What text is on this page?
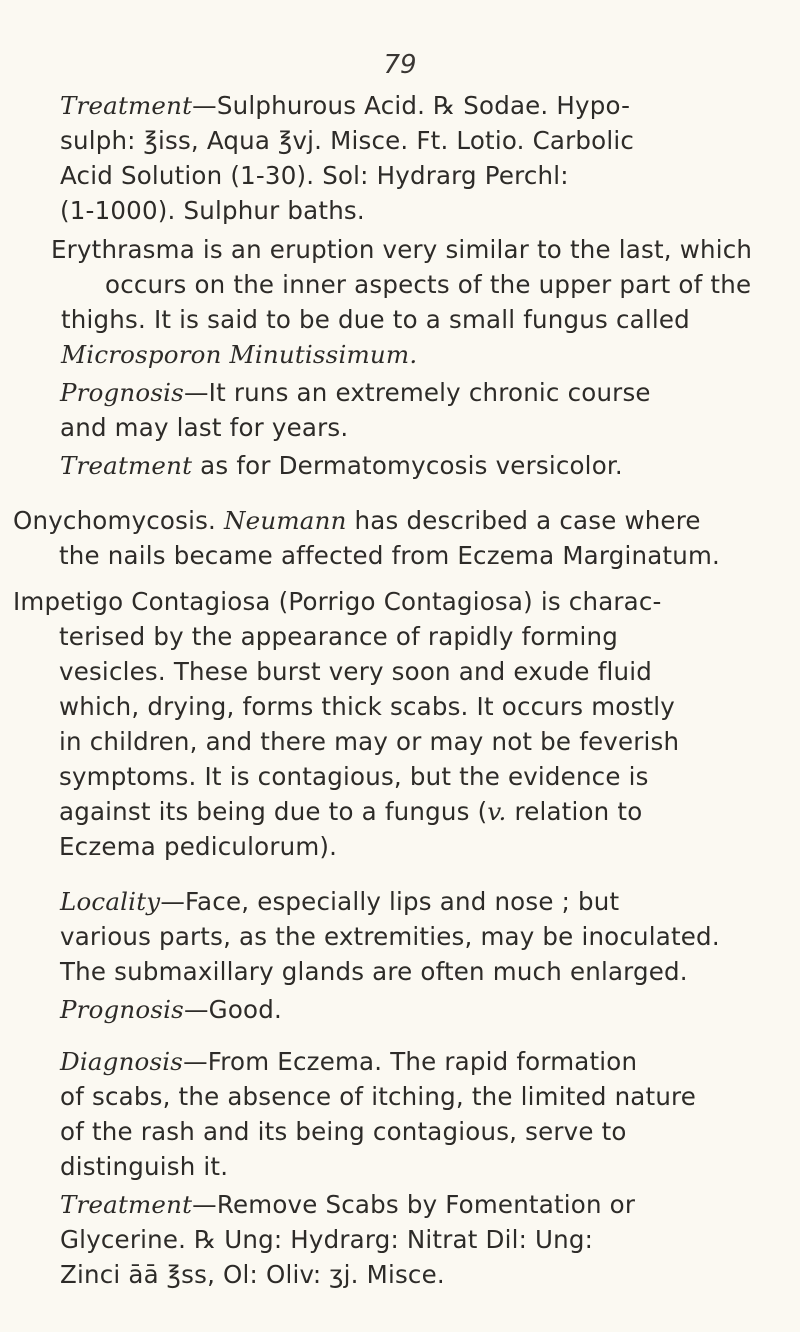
79
Treatment—Sulphurous Acid. ℞ Sodae. Hypo-
sulph: ℥iss, Aqua ℥vj. Misce. Ft. Lotio. Carbolic
Acid Solution (1-30). Sol: Hydrarg Perchl:
(1-1000). Sulphur baths.
Erythrasma is an eruption very similar to the last, which
occurs on the inner aspects of the upper part of the
thighs. It is said to be due to a small fungus called
Microsporon Minutissimum.
Prognosis—It runs an extremely chronic course
and may last for years.
Treatment as for Dermatomycosis versicolor.
Onychomycosis. Neumann has described a case where
the nails became affected from Eczema Marginatum.
Impetigo Contagiosa (Porrigo Contagiosa) is charac-
terised by the appearance of rapidly forming
vesicles. These burst very soon and exude fluid
which, drying, forms thick scabs. It occurs mostly
in children, and there may or may not be feverish
symptoms. It is contagious, but the evidence is
against its being due to a fungus (v. relation to
Eczema pediculorum).
Locality—Face, especially lips and nose ; but
various parts, as the extremities, may be inoculated.
The submaxillary glands are often much enlarged.
Prognosis—Good.
Diagnosis—From Eczema. The rapid formation
of scabs, the absence of itching, the limited nature
of the rash and its being contagious, serve to
distinguish it.
Treatment—Remove Scabs by Fomentation or
Glycerine. ℞ Ung: Hydrarg: Nitrat Dil: Ung:
Zinci āā ℥ss, Ol: Oliv: ʒj. Misce.
